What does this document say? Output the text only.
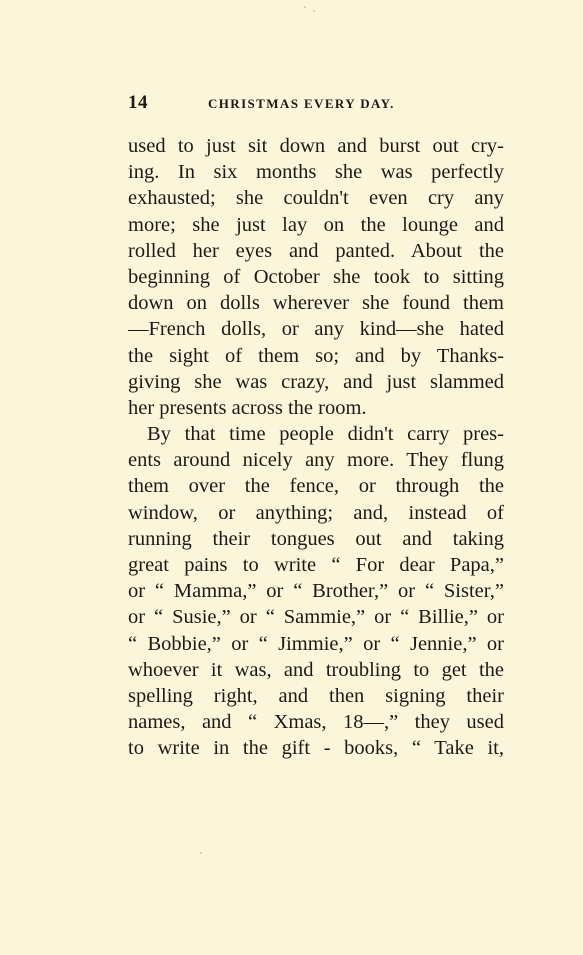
14	CHRISTMAS EVERY DAY.
used to just sit down and burst out cry-
ing. In six months she was perfectly
exhausted; she couldn't even cry any
more; she just lay on the lounge and
rolled her eyes and panted. About the
beginning of October she took to sitting
down on dolls wherever she found them
—French dolls, or any kind—she hated
the sight of them so; and by Thanks-
giving she was crazy, and just slammed
her presents across the room.
By that time people didn't carry pres-
ents around nicely any more. They flung
them over the fence, or through the
window, or anything; and, instead of
running their tongues out and taking
great pains to write “ For dear Papa,”
or “ Mamma,” or “ Brother,” or “ Sister,”
or “ Susie,” or “ Sammie,” or “ Billie,” or
“ Bobbie,” or “ Jimmie,” or “ Jennie,” or
whoever it was, and troubling to get the
spelling right, and then signing their
names, and “ Xmas, 18—,” they used
to write in the gift - books, “ Take it,
